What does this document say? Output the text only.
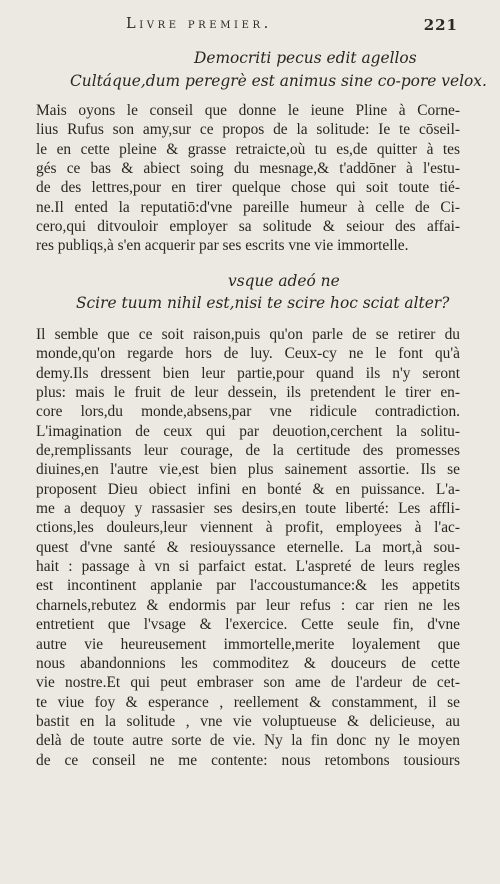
Livre premier.	221
Democriti pecus edit agellos
Cultáque,dum peregrè est animus sine co-pore velox.
Mais oyons le conseil que donne le ieune Pline à Corne-
lius Rufus son amy,sur ce propos de la solitude: Ie te cōseil-
le en cette pleine & grasse retraicte,où tu es,de quitter à tes
gés ce bas & abiect soing du mesnage,& t'addōner à l'estu-
de des lettres,pour en tirer quelque chose qui soit toute tié-
ne.Il ented la reputatiō:d'vne pareille humeur à celle de Ci-
cero,qui ditvouloir employer sa solitude & seiour des affai-
res publiqs,à s'en acquerir par ses escrits vne vie immortelle.
vsque adeó ne
Scire tuum nihil est,nisi te scire hoc sciat alter?
Il semble que ce soit raison,puis qu'on parle de se retirer du
monde,qu'on regarde hors de luy. Ceux-cy ne le font qu'à
demy.Ils dressent bien leur partie,pour quand ils n'y seront
plus: mais le fruit de leur dessein, ils pretendent le tirer en-
core lors,du monde,absens,par vne ridicule contradiction.
L'imagination de ceux qui par deuotion,cerchent la solitu-
de,remplissants leur courage, de la certitude des promesses
diuines,en l'autre vie,est bien plus sainement assortie. Ils se
proposent Dieu obiect infini en bonté & en puissance. L'a-
me a dequoy y rassasier ses desirs,en toute liberté: Les affli-
ctions,les douleurs,leur viennent à profit, employees à l'ac-
quest d'vne santé & resiouyssance eternelle. La mort,à sou-
hait : passage à vn si parfaict estat. L'aspreté de leurs regles
est incontinent applanie par l'accoustumance:& les appetits
charnels,rebutez & endormis par leur refus : car rien ne les
entretient que l'vsage & l'exercice. Cette seule fin, d'vne
autre vie heureusement immortelle,merite loyalement que
nous abandonnions les commoditez & douceurs de cette
vie nostre.Et qui peut embraser son ame de l'ardeur de cet-
te viue foy & esperance , reellement & constamment, il se
bastit en la solitude , vne vie voluptueuse & delicieuse, au
delà de toute autre sorte de vie. Ny la fin donc ny le moyen
de ce conseil ne me contente: nous retombons tousiours
